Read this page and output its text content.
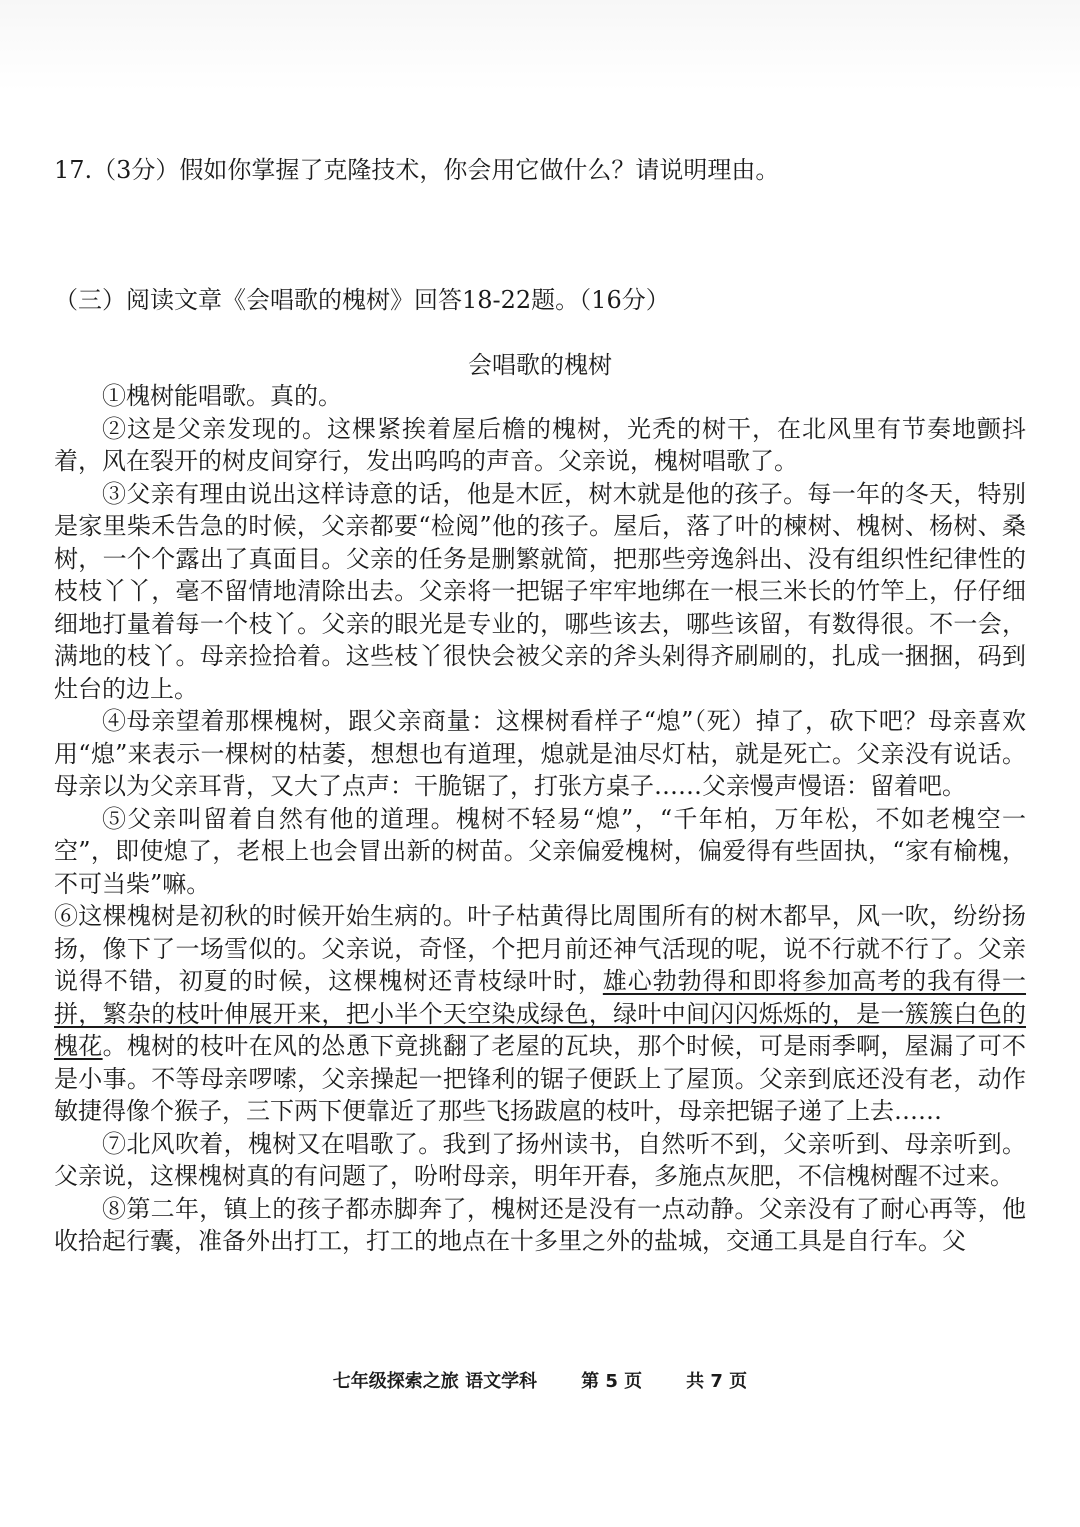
17.（3分）假如你掌握了克隆技术，你会用它做什么？请说明理由。
（三）阅读文章《会唱歌的槐树》回答18-22题。（16分）
会唱歌的槐树

①槐树能唱歌。真的。

②这是父亲发现的。这棵紧挨着屋后檐的槐树，光秃的树干，在北风里有节奏地颤抖着，风在裂开的树皮间穿行，发出呜呜的声音。父亲说，槐树唱歌了。

③父亲有理由说出这样诗意的话，他是木匠，树木就是他的孩子。每一年的冬天，特别是家里柴禾告急的时候，父亲都要“检阅”他的孩子。屋后，落了叶的楝树、槐树、杨树、桑树，一个个露出了真面目。父亲的任务是删繁就简，把那些旁逸斜出、没有组织性纪律性的枝枝丫丫，毫不留情地清除出去。父亲将一把锯子牢牢地绑在一根三米长的竹竿上，仔仔细细地打量着每一个枝丫。父亲的眼光是专业的，哪些该去，哪些该留，有数得很。不一会，满地的枝丫。母亲捡拾着。这些枝丫很快会被父亲的斧头剁得齐刷刷的，扎成一捆捆，码到灶台的边上。

④母亲望着那棵槐树，跟父亲商量：这棵树看样子“熄”（死）掉了，砍下吧？母亲喜欢用“熄”来表示一棵树的枯萎，想想也有道理，熄就是油尽灯枯，就是死亡。父亲没有说话。母亲以为父亲耳背，又大了点声：干脆锯了，打张方桌子……父亲慢声慢语：留着吧。

⑤父亲叫留着自然有他的道理。槐树不轻易“熄”，“千年柏，万年松，不如老槐空一空”，即使熄了，老根上也会冒出新的树苗。父亲偏爱槐树，偏爱得有些固执，“家有榆槐，不可当柴”嘛。

⑥这棵槐树是初秋的时候开始生病的。叶子枯黄得比周围所有的树木都早，风一吹，纷纷扬扬，像下了一场雪似的。父亲说，奇怪，个把月前还神气活现的呢，说不行就不行了。父亲说得不错，初夏的时候，这棵槐树还青枝绿叶时，雄心勃勃得和即将参加高考的我有得一拼，繁杂的枝叶伸展开来，把小半个天空染成绿色，绿叶中间闪闪烁烁的，是一簇簇白色的槐花。槐树的枝叶在风的怂恿下竟挑翻了老屋的瓦块，那个时候，可是雨季啊，屋漏了可不是小事。不等母亲啰嗦，父亲操起一把锋利的锯子便跃上了屋顶。父亲到底还没有老，动作敏捷得像个猴子，三下两下便靠近了那些飞扬跋扈的枝叶，母亲把锯子递了上去……

⑦北风吹着，槐树又在唱歌了。我到了扬州读书，自然听不到，父亲听到、母亲听到。父亲说，这棵槐树真的有问题了，吩咐母亲，明年开春，多施点灰肥，不信槐树醒不过来。

⑧第二年，镇上的孩子都赤脚奔了，槐树还是没有一点动静。父亲没有了耐心再等，他收拾起行囊，准备外出打工，打工的地点在十多里之外的盐城，交通工具是自行车。父

七年级探索之旅 语文学科 第 5 页 共 7 页
